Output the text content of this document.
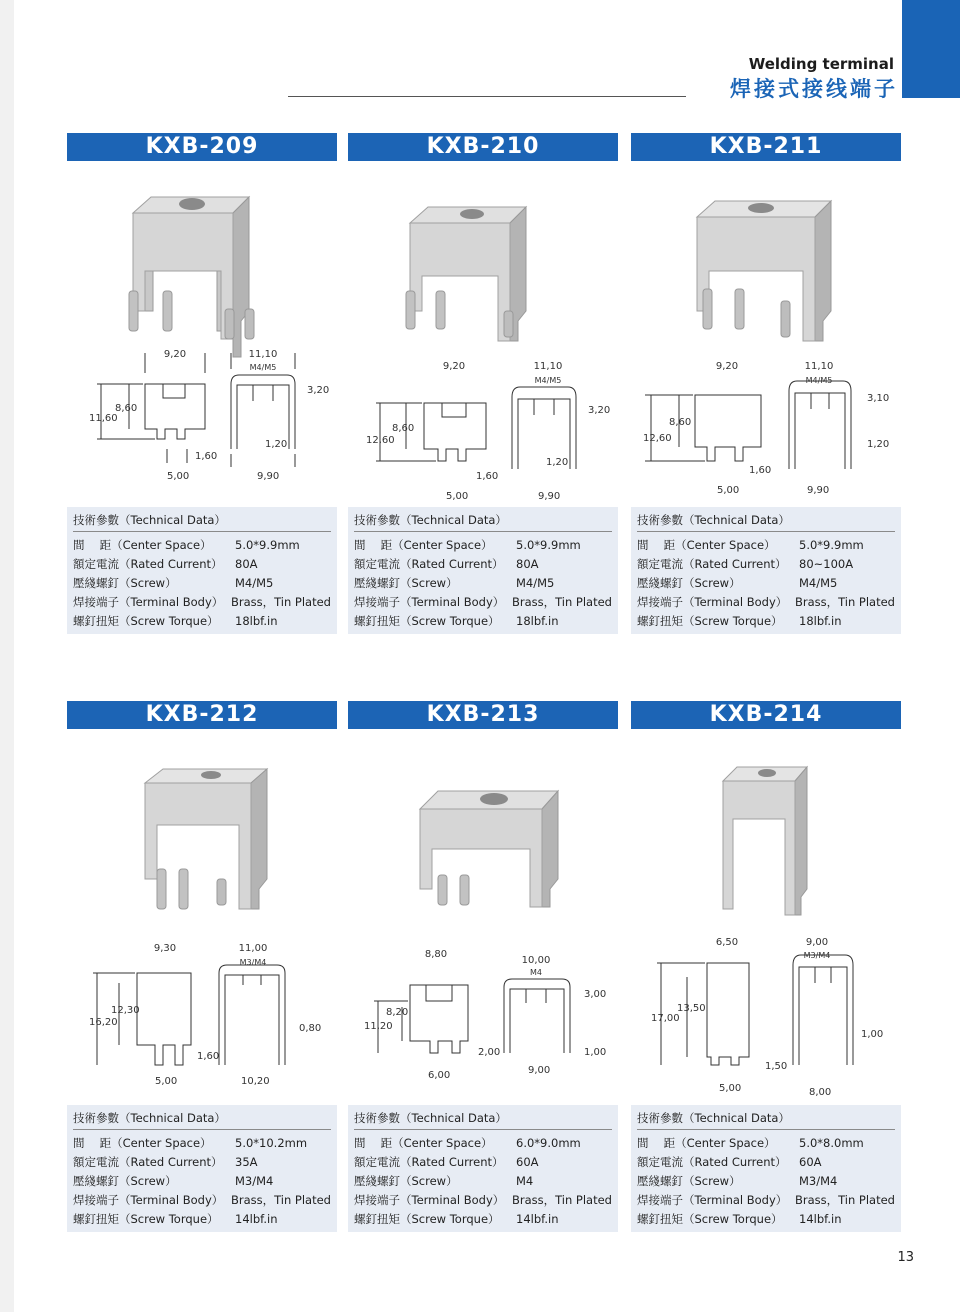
Welding terminal
焊接式接线端子
KXB-209
9,20	11,10
M4/M5
3,20
8,60
11,60
1,20
1,60
5,00	9,90
技術參數（Technical Data）
間　 距（Center Space）	5.0*9.9mm
額定電流（Rated Current）	80A
壓綫螺釘（Screw）	M4/M5
焊接端子（Terminal Body） Brass，Tin Plated
螺釘扭矩（Screw Torque）	18lbf.in
KXB-210
9,20	11,10
M4/M5
3,20
8,60
12,60
1,20
1,60
5,00	9,90
技術參數（Technical Data）
間　 距（Center Space）	5.0*9.9mm
額定電流（Rated Current）	80A
壓綫螺釘（Screw）	M4/M5
焊接端子（Terminal Body） Brass，Tin Plated
螺釘扭矩（Screw Torque）	18lbf.in
KXB-211
9,20	11,10
M4/M5
3,10
8,60
12,60
1,20
1,60
5,00	9,90
技術參數（Technical Data）
間　 距（Center Space）	5.0*9.9mm
額定電流（Rated Current）	80~100A
壓綫螺釘（Screw）	M4/M5
焊接端子（Terminal Body） Brass，Tin Plated
螺釘扭矩（Screw Torque）	18lbf.in
KXB-212
9,30	11,00
M3/M4
0,80
12,30
16,20
1,60
5,00	10,20
技術參數（Technical Data）
間　 距（Center Space）	5.0*10.2mm
額定電流（Rated Current）	35A
壓綫螺釘（Screw）	M3/M4
焊接端子（Terminal Body） Brass，Tin Plated
螺釘扭矩（Screw Torque）	14lbf.in
KXB-213
8,80
10,00
M4
3,00
8,20
11,20
2,00	1,00
6,00	9,00
技術參數（Technical Data）
間　 距（Center Space）	6.0*9.0mm
額定電流（Rated Current）	60A
壓綫螺釘（Screw）	M4
焊接端子（Terminal Body） Brass，Tin Plated
螺釘扭矩（Screw Torque）	14lbf.in
KXB-214
6,50	9,00
M3/M4
13,50
17,00
1,00
1,50
5,00	8,00
技術參數（Technical Data）
間　 距（Center Space）	5.0*8.0mm
額定電流（Rated Current）	60A
壓綫螺釘（Screw）	M3/M4
焊接端子（Terminal Body） Brass，Tin Plated
螺釘扭矩（Screw Torque）	14lbf.in
13
